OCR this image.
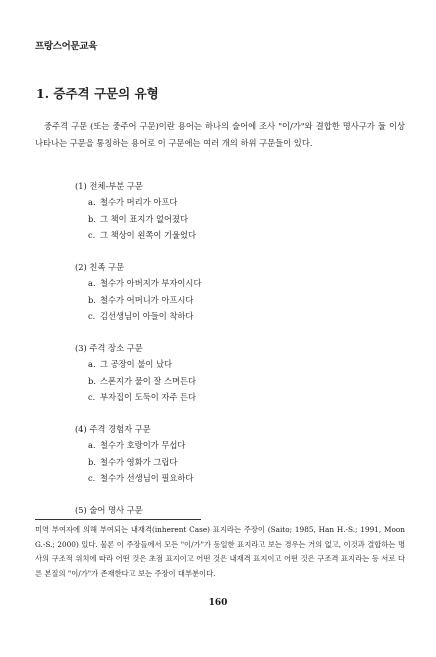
프랑스어문교육
1. 증주격 구문의 유형

중주격 구문 (또는 중주어 구문)이란 용어는 하나의 술어에 조사 "이/가"와 결합한 명사구가 둘 이상 나타나는 구문을 통칭하는 용어로 이 구문에는 여러 개의 하위 구문들이 있다.

(1) 전체-부분 구문
a. 철수가 머리가 아프다
b. 그 책이 표지가 없어졌다
c. 그 책상이 왼쪽이 기울었다
(2) 친족 구문
a. 철수가 아버지가 부자이시다
b. 철수가 어머니가 아프시다
c. 김선생님이 아들이 착하다
(3) 주격 장소 구문
a. 그 공장이 불이 났다
b. 스폰지가 물이 잘 스며든다
c. 부자집이 도둑이 자주 든다
(4) 주격 경험자 구문
a. 철수가 호랑이가 무섭다
b. 철수가 영화가 그립다
c. 철수가 선생님이 필요하다
(5) 술어 명사 구문

미역 부여자에 의해 부여되는 내재격(inherent Case) 표지라는 주장이 (Saito; 1985, Han H.-S.; 1991, Moon G.-S.; 2000) 있다. 물론 이 주장들에서 모든 "이/가"가 동일한 표지라고 보는 경우는 거의 없고, 이것과 결합하는 명사의 구조적 위치에 따라 어떤 것은 초점 표지이고 어떤 것은 내재격 표지이고 어떤 것은 구조격 표지라는 등 서로 다른 본질의 "이/가"가 존재한다고 보는 주장이 대부분이다.

160
